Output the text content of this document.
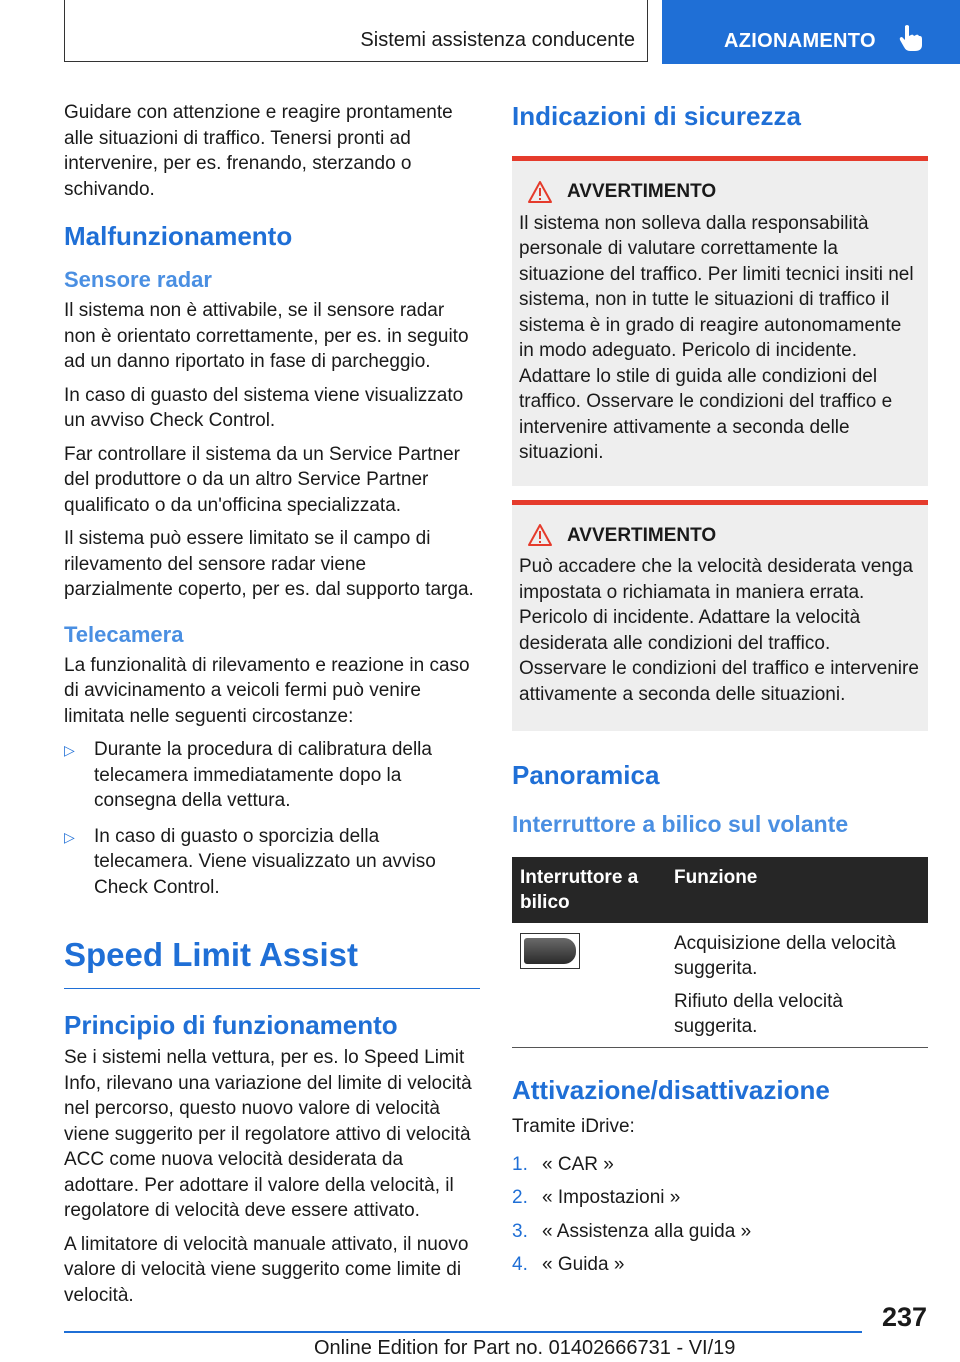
Sistemi assistenza conducente	AZIONAMENTO

Guidare con attenzione e reagire prontamente alle situazioni di traffico. Tenersi pronti ad intervenire, per es. frenando, sterzando o schivando.

Malfunzionamento
Sensore radar

Il sistema non è attivabile, se il sensore radar non è orientato correttamente, per es. in seguito ad un danno riportato in fase di parcheggio.

In caso di guasto del sistema viene visualizzato un avviso Check Control.

Far controllare il sistema da un Service Partner del produttore o da un altro Service Partner qualificato o da un'officina specializzata.

Il sistema può essere limitato se il campo di rilevamento del sensore radar viene parzialmente coperto, per es. dal supporto targa.

Telecamera

La funzionalità di rilevamento e reazione in caso di avvicinamento a veicoli fermi può venire limitata nelle seguenti circostanze:

▷	Durante la procedura di calibratura della telecamera immediatamente dopo la consegna della vettura.
▷	In caso di guasto o sporcizia della telecamera. Viene visualizzato un avviso Check Control.
Speed Limit Assist
Principio di funzionamento

Se i sistemi nella vettura, per es. lo Speed Limit Info, rilevano una variazione del limite di velocità nel percorso, questo nuovo valore di velocità viene suggerito per il regolatore attivo di velocità ACC come nuova velocità desiderata da adottare. Per adottare il valore della velocità, il regolatore di velocità deve essere attivato.

A limitatore di velocità manuale attivato, il nuovo valore di velocità viene suggerito come limite di velocità.

Indicazioni di sicurezza
AVVERTIMENTO
Il sistema non solleva dalla responsabilità personale di valutare correttamente la situazione del traffico. Per limiti tecnici insiti nel sistema, non in tutte le situazioni di traffico il sistema è in grado di reagire autonomamente in modo adeguato. Pericolo di incidente. Adattare lo stile di guida alle condizioni del traffico. Osservare le condizioni del traffico e intervenire attivamente a seconda delle situazioni.
AVVERTIMENTO
Può accadere che la velocità desiderata venga impostata o richiamata in maniera errata. Pericolo di incidente. Adattare la velocità desiderata alle condizioni del traffico. Osservare le condizioni del traffico e intervenire attivamente a seconda delle situazioni.
Panoramica
Interruttore a bilico sul volante
Interruttore a bilico	Funzione

	Acquisizione della velocità suggerita.
Rifiuto della velocità suggerita.
Attivazione/disattivazione

Tramite iDrive:

1. « CAR »
2. « Impostazioni »
3. « Assistenza alla guida »
4. « Guida »
237
Online Edition for Part no. 01402666731 - VI/19
